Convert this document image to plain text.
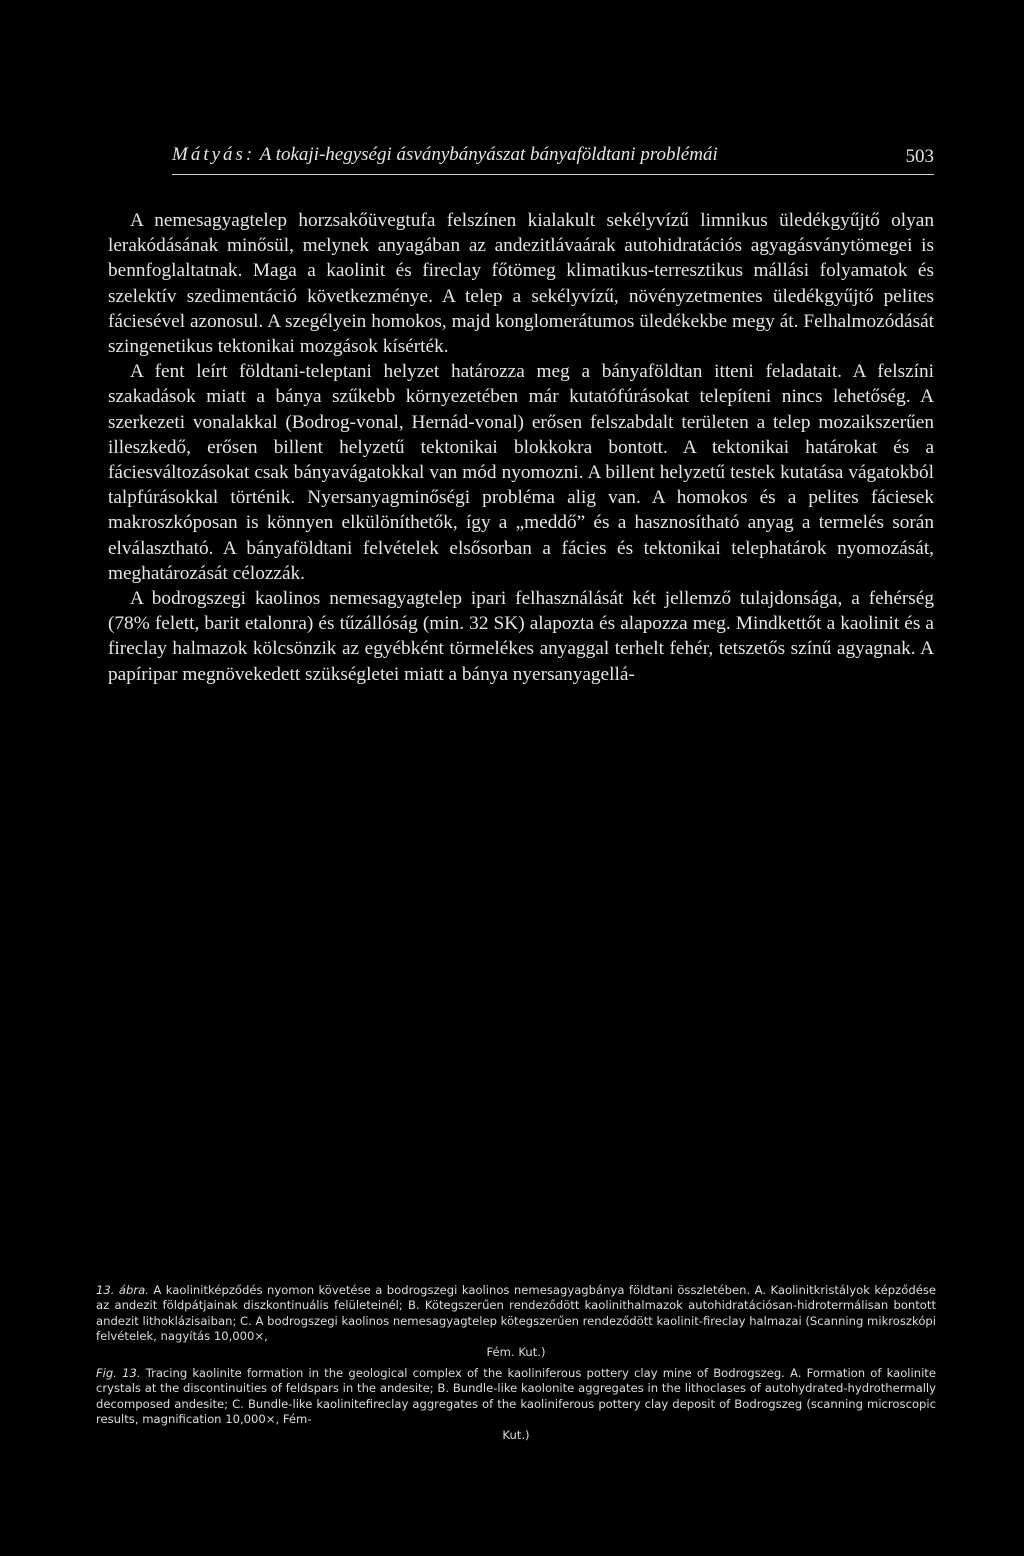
Mátyás: A tokaji-hegységi ásványbányászat bányaföldtani problémái	503

A nemesagyagtelep horzsakőüvegtufa felszínen kialakult sekélyvízű limnikus üledékgyűjtő olyan lerakódásának minősül, melynek anyagában az andezitlávaárak autohidratációs agyagásványtömegei is bennfoglaltatnak. Maga a kaolinit és fireclay főtömeg klimatikus-terresztikus mállási folyamatok és szelektív szedimentáció következménye. A telep a sekélyvízű, növényzetmentes üledékgyűjtő pelites fáciesével azonosul. A szegélyein homokos, majd konglomerátumos üledékekbe megy át. Felhalmozódását szingenetikus tektonikai mozgások kísérték.

A fent leírt földtani-teleptani helyzet határozza meg a bányaföldtan itteni feladatait. A felszíni szakadások miatt a bánya szűkebb környezetében már kutatófúrásokat telepíteni nincs lehetőség. A szerkezeti vonalakkal (Bodrog-vonal, Hernád-vonal) erősen felszabdalt területen a telep mozaikszerűen illeszkedő, erősen billent helyzetű tektonikai blokkokra bontott. A tektonikai határokat és a fáciesváltozásokat csak bányavágatokkal van mód nyomozni. A billent helyzetű testek kutatása vágatokból talpfúrásokkal történik. Nyersanyagminőségi probléma alig van. A homokos és a pelites fáciesek makroszkóposan is könnyen elkülöníthetők, így a „meddő” és a hasznosítható anyag a termelés során elválasztható. A bányaföldtani felvételek elsősorban a fácies és tektonikai telephatárok nyomozását, meghatározását célozzák.

A bodrogszegi kaolinos nemesagyagtelep ipari felhasználását két jellemző tulajdonsága, a fehérség (78% felett, barit etalonra) és tűzállóság (min. 32 SK) alapozta és alapozza meg. Mindkettőt a kaolinit és a fireclay halmazok kölcsönzik az egyébként törmelékes anyaggal terhelt fehér, tetszetős színű agyagnak. A papíripar megnövekedett szükségletei miatt a bánya nyersanyagellá-

13. ábra. A kaolinitképződés nyomon követése a bodrogszegi kaolinos nemesagyagbánya földtani összletében. A. Kaolinitkristályok képződése az andezit földpátjainak diszkontinuális felületeinél; B. Kötegszerűen rendeződött kaolinithalmazok autohidratációsan-hidrotermálisan bontott andezit lithoklázisaiban; C. A bodrogszegi kaolinos nemesagyagtelep kötegszerűen rendeződött kaolinit-fireclay halmazai (Scanning mikroszkópi felvételek, nagyítás 10,000×,
Fém. Kut.)

Fig. 13. Tracing kaolinite formation in the geological complex of the kaoliniferous pottery clay mine of Bodrogszeg. A. Formation of kaolinite crystals at the discontinuities of feldspars in the andesite; B. Bundle-like kaolonite aggregates in the lithoclases of autohydrated-hydrothermally decomposed andesite; C. Bundle-like kaolinitefireclay aggregates of the kaoliniferous pottery clay deposit of Bodrogszeg (scanning microscopic results, magnification 10,000×, Fém-
Kut.)
